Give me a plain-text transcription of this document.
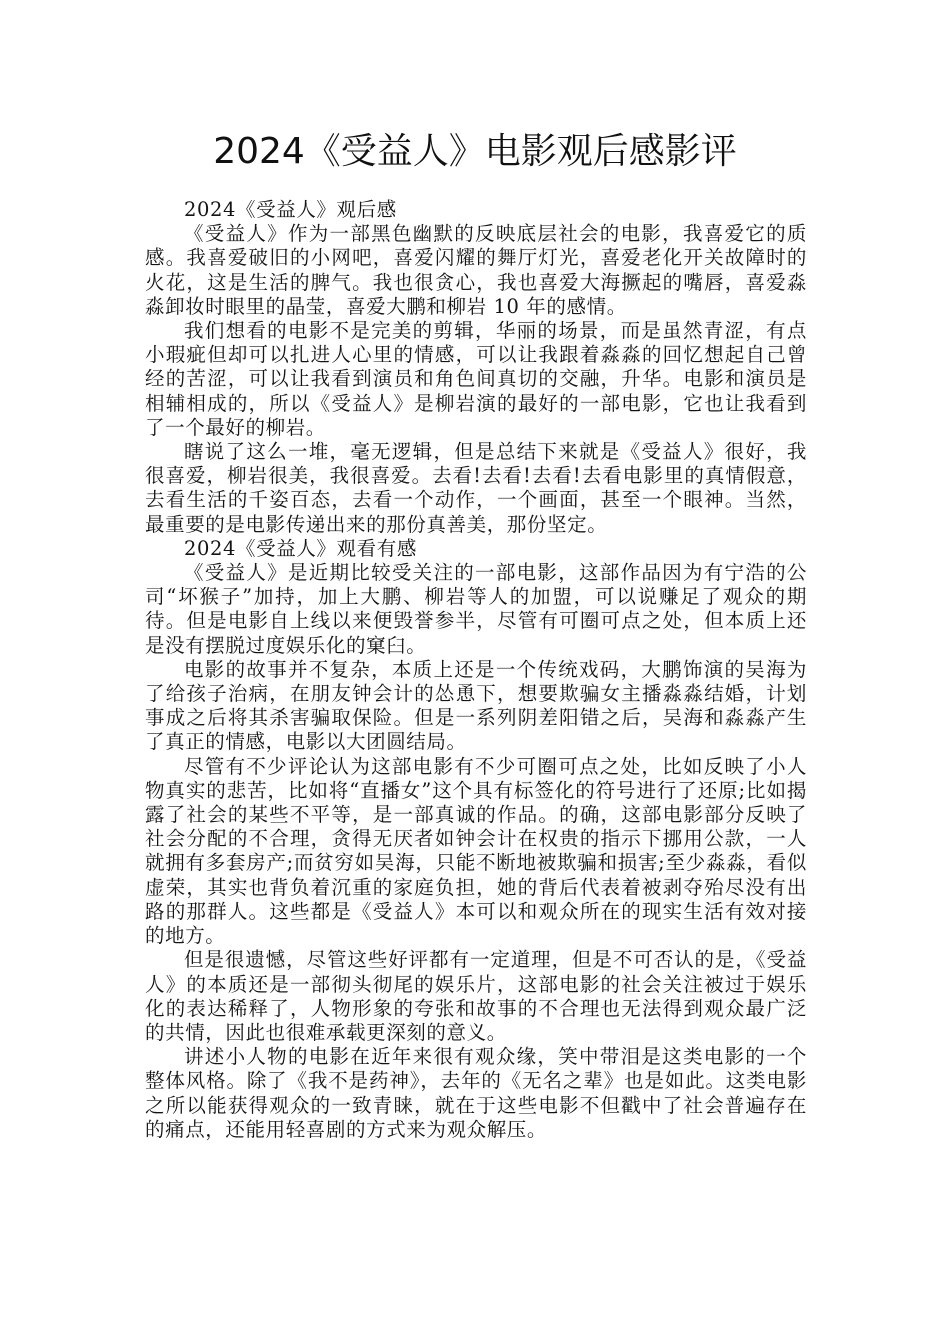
2024《受益人》电影观后感影评

2024《受益人》观后感

《受益人》作为一部黑色幽默的反映底层社会的电影，我喜爱它的质感。我喜爱破旧的小网吧，喜爱闪耀的舞厅灯光，喜爱老化开关故障时的火花，这是生活的脾气。我也很贪心，我也喜爱大海撅起的嘴唇，喜爱淼淼卸妆时眼里的晶莹，喜爱大鹏和柳岩 10 年的感情。

我们想看的电影不是完美的剪辑，华丽的场景，而是虽然青涩，有点小瑕疵但却可以扎进人心里的情感，可以让我跟着淼淼的回忆想起自己曾经的苦涩，可以让我看到演员和角色间真切的交融，升华。电影和演员是相辅相成的，所以《受益人》是柳岩演的最好的一部电影，它也让我看到了一个最好的柳岩。

瞎说了这么一堆，毫无逻辑，但是总结下来就是《受益人》很好，我很喜爱，柳岩很美，我很喜爱。去看!去看!去看!去看电影里的真情假意，去看生活的千姿百态，去看一个动作，一个画面，甚至一个眼神。当然，最重要的是电影传递出来的那份真善美，那份坚定。

2024《受益人》观看有感

《受益人》是近期比较受关注的一部电影，这部作品因为有宁浩的公司“坏猴子”加持，加上大鹏、柳岩等人的加盟，可以说赚足了观众的期待。但是电影自上线以来便毁誉参半，尽管有可圈可点之处，但本质上还是没有摆脱过度娱乐化的窠臼。

电影的故事并不复杂，本质上还是一个传统戏码，大鹏饰演的吴海为了给孩子治病，在朋友钟会计的怂恿下，想要欺骗女主播淼淼结婚，计划事成之后将其杀害骗取保险。但是一系列阴差阳错之后，吴海和淼淼产生了真正的情感，电影以大团圆结局。

尽管有不少评论认为这部电影有不少可圈可点之处，比如反映了小人物真实的悲苦，比如将“直播女”这个具有标签化的符号进行了还原;比如揭露了社会的某些不平等，是一部真诚的作品。的确，这部电影部分反映了社会分配的不合理，贪得无厌者如钟会计在权贵的指示下挪用公款，一人就拥有多套房产;而贫穷如吴海，只能不断地被欺骗和损害;至少淼淼，看似虚荣，其实也背负着沉重的家庭负担，她的背后代表着被剥夺殆尽没有出路的那群人。这些都是《受益人》本可以和观众所在的现实生活有效对接的地方。

但是很遗憾，尽管这些好评都有一定道理，但是不可否认的是，《受益人》的本质还是一部彻头彻尾的娱乐片，这部电影的社会关注被过于娱乐化的表达稀释了，人物形象的夸张和故事的不合理也无法得到观众最广泛的共情，因此也很难承载更深刻的意义。

讲述小人物的电影在近年来很有观众缘，笑中带泪是这类电影的一个整体风格。除了《我不是药神》，去年的《无名之辈》也是如此。这类电影之所以能获得观众的一致青睐，就在于这些电影不但戳中了社会普遍存在的痛点，还能用轻喜剧的方式来为观众解压。
